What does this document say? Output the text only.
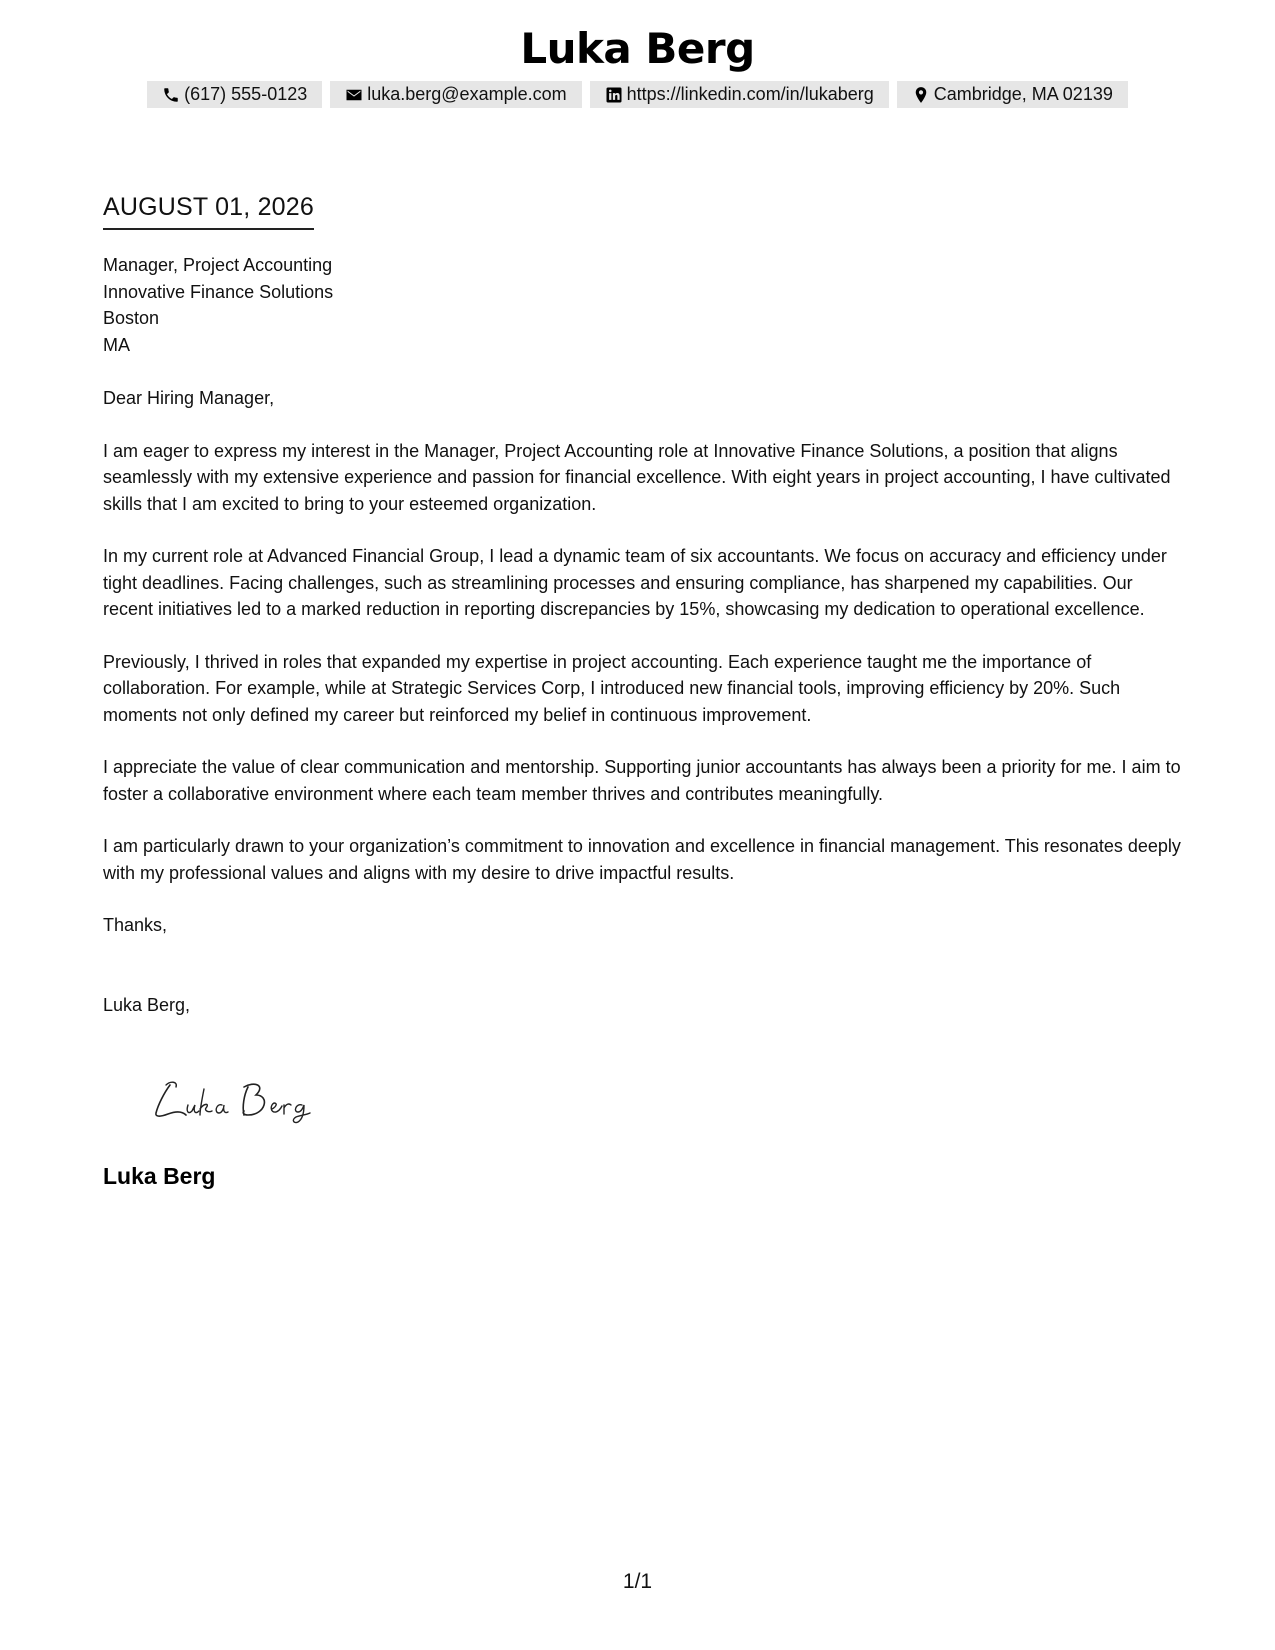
Luka Berg
(617) 555-0123	luka.berg@example.com	https://linkedin.com/in/lukaberg	Cambridge, MA 02139
AUGUST 01, 2026
Manager, Project Accounting
Innovative Finance Solutions
Boston
MA

Dear Hiring Manager,

I am eager to express my interest in the Manager, Project Accounting role at Innovative Finance Solutions, a position that aligns seamlessly with my extensive experience and passion for financial excellence. With eight years in project accounting, I have cultivated skills that I am excited to bring to your esteemed organization.

In my current role at Advanced Financial Group, I lead a dynamic team of six accountants. We focus on accuracy and efficiency under tight deadlines. Facing challenges, such as streamlining processes and ensuring compliance, has sharpened my capabilities. Our recent initiatives led to a marked reduction in reporting discrepancies by 15%, showcasing my dedication to operational excellence.

Previously, I thrived in roles that expanded my expertise in project accounting. Each experience taught me the importance of collaboration. For example, while at Strategic Services Corp, I introduced new financial tools, improving efficiency by 20%. Such moments not only defined my career but reinforced my belief in continuous improvement.

I appreciate the value of clear communication and mentorship. Supporting junior accountants has always been a priority for me. I aim to foster a collaborative environment where each team member thrives and contributes meaningfully.

I am particularly drawn to your organization’s commitment to innovation and excellence in financial management. This resonates deeply with my professional values and aligns with my desire to drive impactful results.

Thanks,

Luka Berg,

Luka Berg
1/1
